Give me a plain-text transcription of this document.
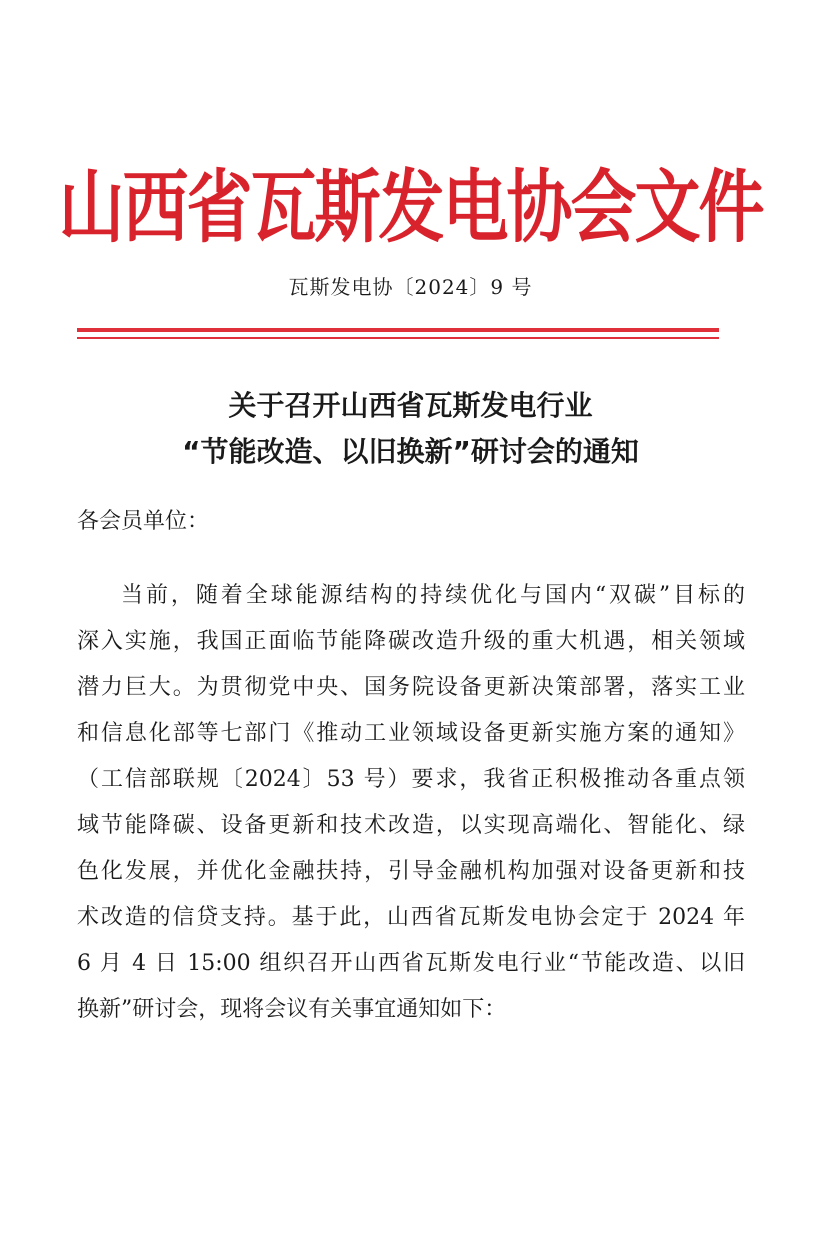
山西省瓦斯发电协会文件
瓦斯发电协〔2024〕9 号
关于召开山西省瓦斯发电行业
“节能改造、以旧换新”研讨会的通知
各会员单位：
当前，随着全球能源结构的持续优化与国内“双碳”目标的
深入实施，我国正面临节能降碳改造升级的重大机遇，相关领域
潜力巨大。为贯彻党中央、国务院设备更新决策部署，落实工业
和信息化部等七部门《推动工业领域设备更新实施方案的通知》
（工信部联规〔2024〕53 号）要求，我省正积极推动各重点领
域节能降碳、设备更新和技术改造，以实现高端化、智能化、绿
色化发展，并优化金融扶持，引导金融机构加强对设备更新和技
术改造的信贷支持。基于此，山西省瓦斯发电协会定于 2024 年
6 月 4 日 15:00 组织召开山西省瓦斯发电行业“节能改造、以旧
换新”研讨会，现将会议有关事宜通知如下：
